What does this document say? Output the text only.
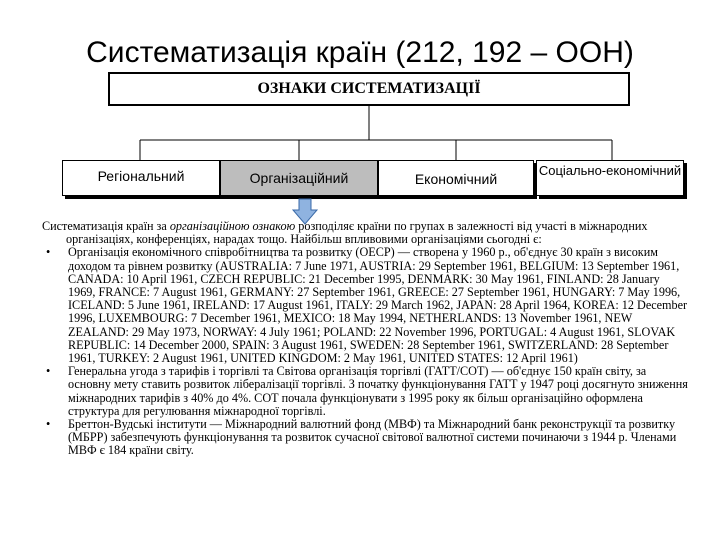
Систематизація країн (212, 192 – ООН)
ОЗНАКИ СИСТЕМАТИЗАЦІЇ
Регіональний	Організаційний	Економічний
Соціально-економічний

Систематизація країн за організаційною ознакою розподіляє країни по групах в залежності від участі в міжнародних організаціях, конференціях, нарадах тощо. Найбільш впливовими організаціями сьогодні є:

• Організація економічного співробітництва та розвитку (ОЕСР) — створена у 1960 р., об'єднує 30 країн з високим доходом та рівнем розвитку (AUSTRALIA: 7 June 1971, AUSTRIA: 29 September 1961, BELGIUM: 13 September 1961, CANADA: 10 April 1961, CZECH REPUBLIC: 21 December 1995, DENMARK: 30 May 1961, FINLAND: 28 January 1969, FRANCE: 7 August 1961, GERMANY: 27 September 1961, GREECE: 27 September 1961, HUNGARY: 7 May 1996, ICELAND: 5 June 1961, IRELAND: 17 August 1961, ITALY: 29 March 1962, JAPAN: 28 April 1964, KOREA: 12 December 1996, LUXEMBOURG: 7 December 1961, MEXICO: 18 May 1994, NETHERLANDS: 13 November 1961, NEW ZEALAND: 29 May 1973, NORWAY: 4 July 1961; POLAND: 22 November 1996, PORTUGAL: 4 August 1961, SLOVAK REPUBLIC: 14 December 2000, SPAIN: 3 August 1961, SWEDEN: 28 September 1961, SWITZERLAND: 28 September 1961, TURKEY: 2 August 1961, UNITED KINGDOM: 2 May 1961, UNITED STATES: 12 April 1961)
• Генеральна угода з тарифів і торгівлі та Світова організація торгівлі (ГАТТ/СОТ) — об'єднує 150 країн світу, за основну мету ставить розвиток лібералізації торгівлі. З початку функціонування ГАТТ у 1947 році досягнуто зниження міжнародних тарифів з 40% до 4%. СОТ почала функціонувати з 1995 року як більш організаційно оформлена структура для регулювання міжнародної торгівлі.
• Бреттон-Вудські інститути — Міжнародний валютний фонд (МВФ) та Міжнародний банк реконструкції та розвитку (МБРР) забезпечують функціонування та розвиток сучасної світової валютної системи починаючи з 1944 р. Членами МВФ є 184 країни світу.
